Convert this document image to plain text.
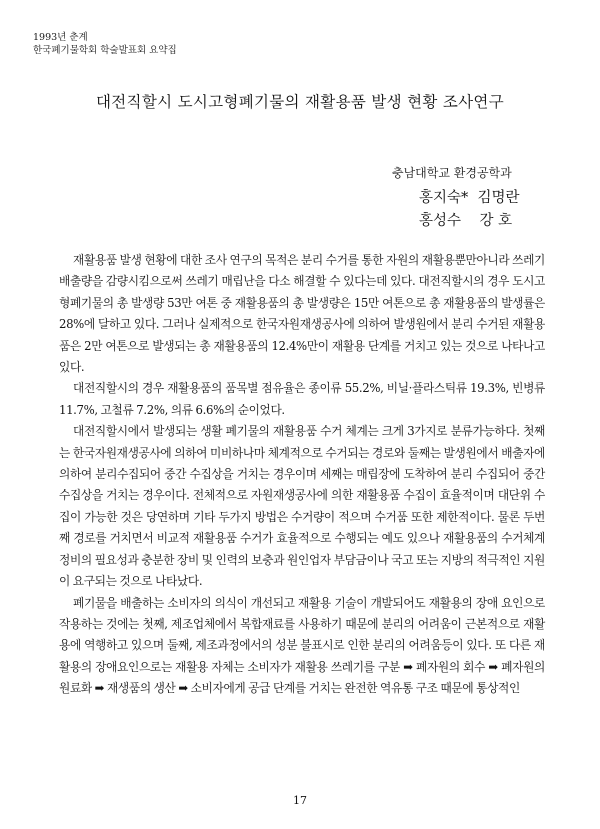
1993년 춘계
한국폐기물학회 학술발표회 요약집
대전직할시 도시고형폐기물의 재활용품 발생 현황 조사연구
충남대학교 환경공학과
홍지숙*  김명란
홍성수    강 호

재활용품 발생 현황에 대한 조사 연구의 목적은 분리 수거를 통한 자원의 재활용뿐만아니라 쓰레기 배출량을 감량시킴으로써 쓰레기 매립난을 다소 해결할 수 있다는데 있다. 대전직할시의 경우 도시고형폐기물의 총 발생량 53만 여톤 중 재활용품의 총 발생량은 15만 여톤으로 총 재활용품의 발생률은 28%에 달하고 있다. 그러나 실제적으로 한국자원재생공사에 의하여 발생원에서 분리 수거된 재활용품은 2만 여톤으로 발생되는 총 재활용품의 12.4%만이 재활용 단계를 거치고 있는 것으로 나타나고 있다.

대전직할시의 경우 재활용품의 품목별 점유율은 종이류 55.2%, 비닐·플라스틱류 19.3%, 빈병류 11.7%, 고철류 7.2%, 의류 6.6%의 순이었다.

대전직할시에서 발생되는 생활 폐기물의 재활용품 수거 체계는 크게 3가지로 분류가능하다. 첫째는 한국자원재생공사에 의하여 미비하나마 체계적으로 수거되는 경로와 둘째는 발생원에서 배출자에 의하여 분리수집되어 중간 수집상을 거치는 경우이며 세째는 매립장에 도착하여 분리 수집되어 중간 수집상을 거치는 경우이다. 전체적으로 자원재생공사에 의한 재활용품 수집이 효율적이며 대단위 수집이 가능한 것은 당연하며 기타 두가지 방법은 수거량이 적으며 수거품 또한 제한적이다. 물론 두번째 경로를 거치면서 비교적 재활용품 수거가 효율적으로 수행되는 예도 있으나 재활용품의 수거체계 정비의 필요성과 충분한 장비 및 인력의 보충과 원인업자 부담금이나 국고 또는 지방의 적극적인 지원이 요구되는 것으로 나타났다.

폐기물을 배출하는 소비자의 의식이 개선되고 재활용 기술이 개발되어도 재활용의 장애 요인으로 작용하는 것에는 첫째, 제조업체에서 복합재료를 사용하기 때문에 분리의 어려움이 근본적으로 재활용에 역행하고 있으며 둘째, 제조과정에서의 성분 불표시로 인한 분리의 어려움등이 있다. 또 다른 재활용의 장애요인으로는 재활용 자체는 소비자가 재활용 쓰레기를 구분 ➡ 폐자원의 회수 ➡ 폐자원의 원료화 ➡ 재생품의 생산 ➡ 소비자에게 공급 단계를 거치는 완전한 역유통 구조 때문에 통상적인

17
